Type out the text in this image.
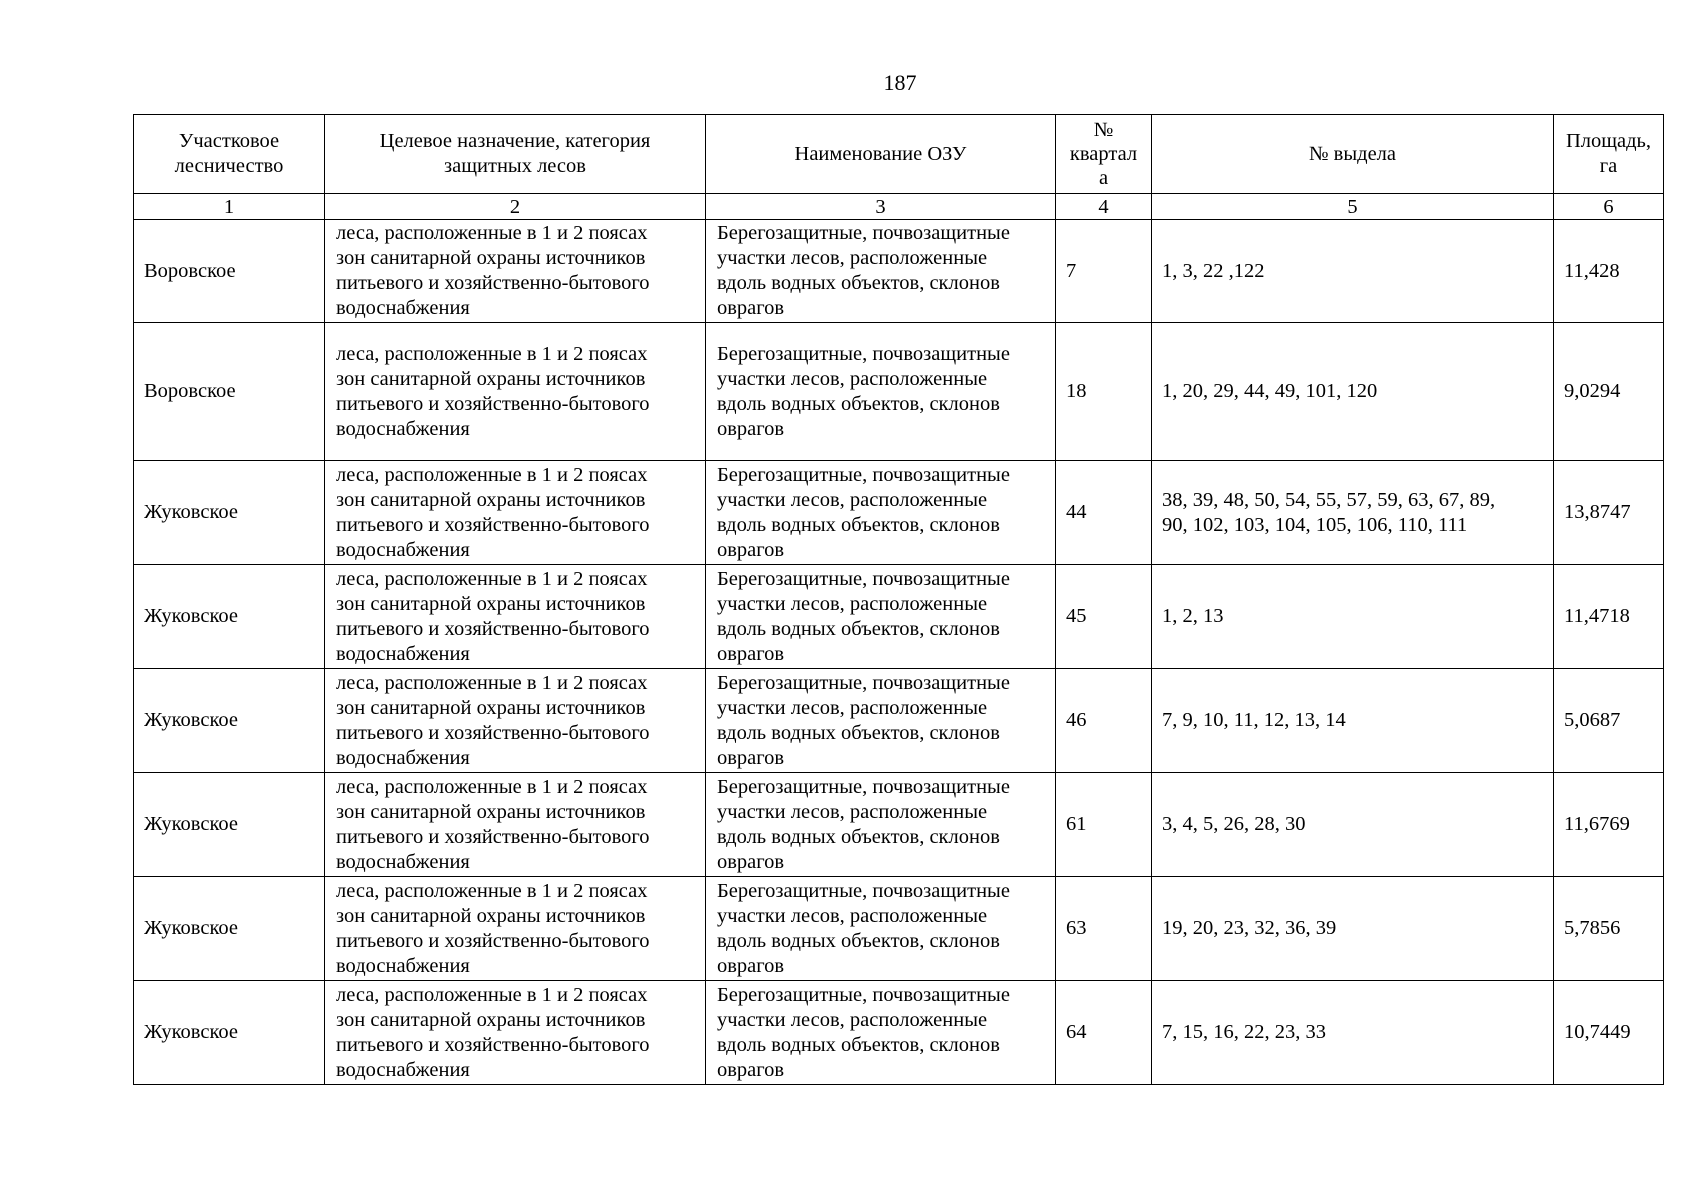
187
Участковое
лесничество	Целевое назначение, категория
защитных лесов	Наименование ОЗУ	№
квартал
а	№ выдела	Площадь,
га
1	2	3	4	5	6
Воровское	леса, расположенные в 1 и 2 поясах
зон санитарной охраны источников
питьевого и хозяйственно-бытового
водоснабжения	Берегозащитные, почвозащитные
участки лесов, расположенные
вдоль водных объектов, склонов
оврагов	7	1, 3, 22 ,122	11,428
Воровское	леса, расположенные в 1 и 2 поясах
зон санитарной охраны источников
питьевого и хозяйственно-бытового
водоснабжения	Берегозащитные, почвозащитные
участки лесов, расположенные
вдоль водных объектов, склонов
оврагов	18	1, 20, 29, 44, 49, 101, 120	9,0294
Жуковское	леса, расположенные в 1 и 2 поясах
зон санитарной охраны источников
питьевого и хозяйственно-бытового
водоснабжения	Берегозащитные, почвозащитные
участки лесов, расположенные
вдоль водных объектов, склонов
оврагов	44	38, 39, 48, 50, 54, 55, 57, 59, 63, 67, 89,
90, 102, 103, 104, 105, 106, 110, 111	13,8747
Жуковское	леса, расположенные в 1 и 2 поясах
зон санитарной охраны источников
питьевого и хозяйственно-бытового
водоснабжения	Берегозащитные, почвозащитные
участки лесов, расположенные
вдоль водных объектов, склонов
оврагов	45	1, 2, 13	11,4718
Жуковское	леса, расположенные в 1 и 2 поясах
зон санитарной охраны источников
питьевого и хозяйственно-бытового
водоснабжения	Берегозащитные, почвозащитные
участки лесов, расположенные
вдоль водных объектов, склонов
оврагов	46	7, 9, 10, 11, 12, 13, 14	5,0687
Жуковское	леса, расположенные в 1 и 2 поясах
зон санитарной охраны источников
питьевого и хозяйственно-бытового
водоснабжения	Берегозащитные, почвозащитные
участки лесов, расположенные
вдоль водных объектов, склонов
оврагов	61	3, 4, 5, 26, 28, 30	11,6769
Жуковское	леса, расположенные в 1 и 2 поясах
зон санитарной охраны источников
питьевого и хозяйственно-бытового
водоснабжения	Берегозащитные, почвозащитные
участки лесов, расположенные
вдоль водных объектов, склонов
оврагов	63	19, 20, 23, 32, 36, 39	5,7856
Жуковское	леса, расположенные в 1 и 2 поясах
зон санитарной охраны источников
питьевого и хозяйственно-бытового
водоснабжения	Берегозащитные, почвозащитные
участки лесов, расположенные
вдоль водных объектов, склонов
оврагов	64	7, 15, 16, 22, 23, 33	10,7449
